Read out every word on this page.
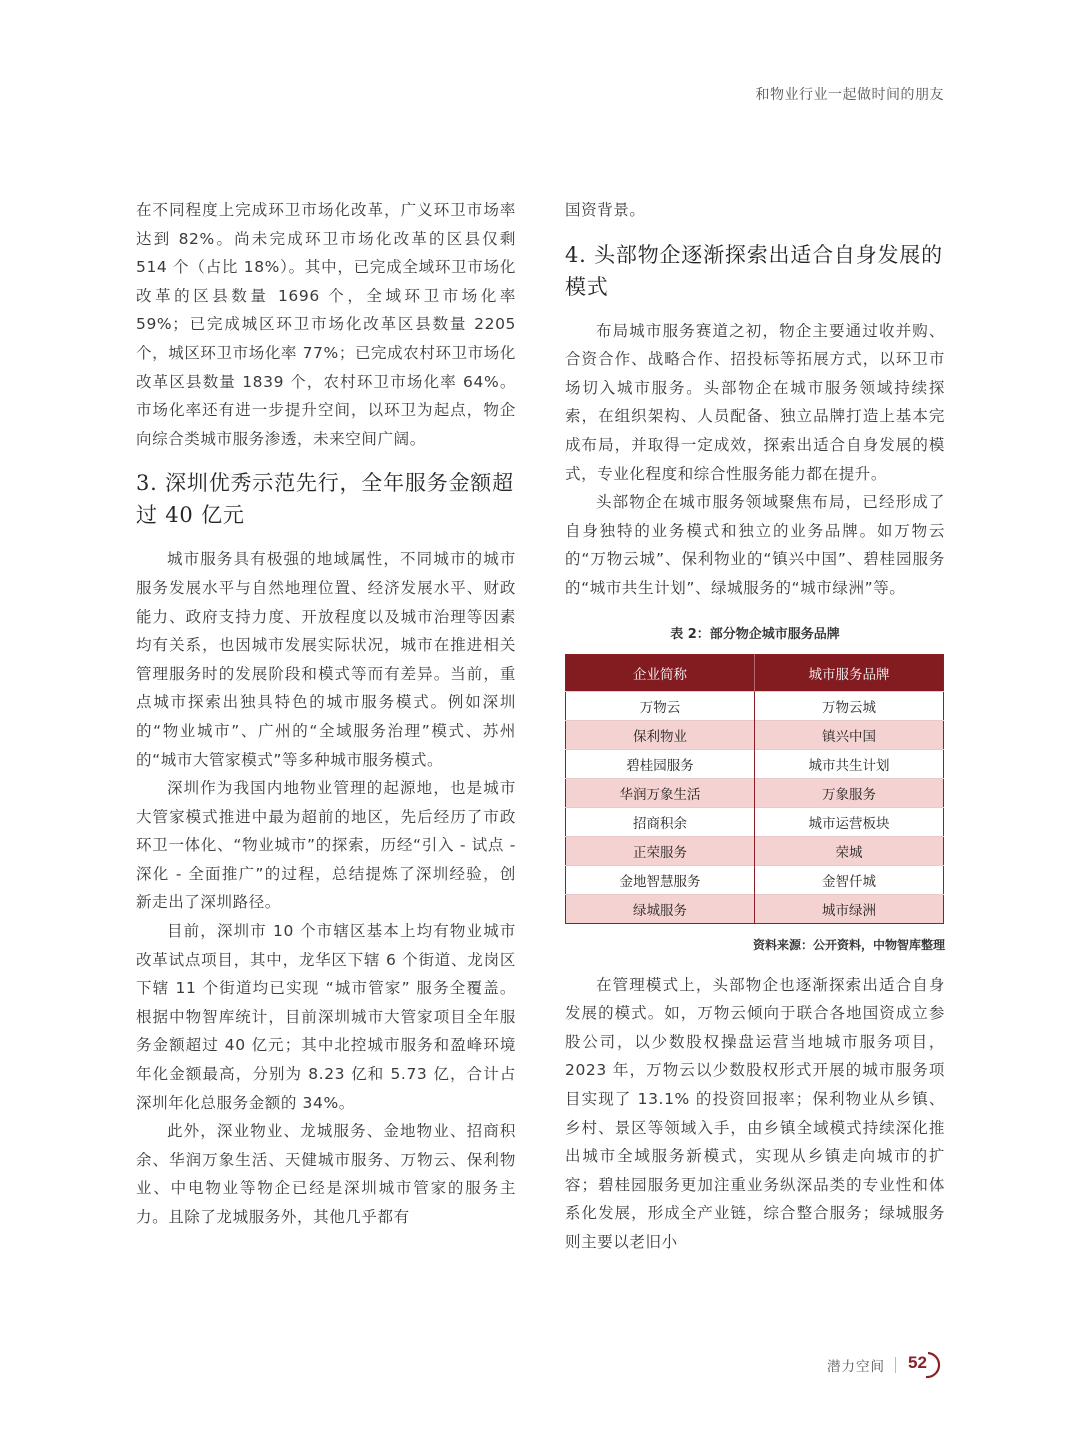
和物业行业一起做时间的朋友

在不同程度上完成环卫市场化改革，广义环卫市场率达到 82%。尚未完成环卫市场化改革的区县仅剩 514 个（占比 18%）。其中，已完成全域环卫市场化改革的区县数量 1696 个，全域环卫市场化率 59%；已完成城区环卫市场化改革区县数量 2205 个，城区环卫市场化率 77%；已完成农村环卫市场化改革区县数量 1839 个，农村环卫市场化率 64%。市场化率还有进一步提升空间，以环卫为起点，物企向综合类城市服务渗透，未来空间广阔。

3. 深圳优秀示范先行，全年服务金额超过 40 亿元

城市服务具有极强的地域属性，不同城市的城市服务发展水平与自然地理位置、经济发展水平、财政能力、政府支持力度、开放程度以及城市治理等因素均有关系，也因城市发展实际状况，城市在推进相关管理服务时的发展阶段和模式等而有差异。当前，重点城市探索出独具特色的城市服务模式。例如深圳的“物业城市”、广州的“全域服务治理”模式、苏州的“城市大管家模式”等多种城市服务模式。

深圳作为我国内地物业管理的起源地，也是城市大管家模式推进中最为超前的地区，先后经历了市政环卫一体化、“物业城市”的探索，历经“引入 - 试点 - 深化 - 全面推广”的过程，总结提炼了深圳经验，创新走出了深圳路径。

目前，深圳市 10 个市辖区基本上均有物业城市改革试点项目，其中，龙华区下辖 6 个街道、龙岗区下辖 11 个街道均已实现 “城市管家” 服务全覆盖。 根据中物智库统计，目前深圳城市大管家项目全年服务金额超过 40 亿元；其中北控城市服务和盈峰环境年化金额最高，分别为 8.23 亿和 5.73 亿，合计占深圳年化总服务金额的 34%。

此外，深业物业、龙城服务、金地物业、招商积余、华润万象生活、天健城市服务、万物云、保利物业、中电物业等物企已经是深圳城市管家的服务主力。且除了龙城服务外，其他几乎都有

国资背景。

4. 头部物企逐渐探索出适合自身发展的模式

布局城市服务赛道之初，物企主要通过收并购、合资合作、战略合作、招投标等拓展方式，以环卫市场切入城市服务。头部物企在城市服务领域持续探索，在组织架构、人员配备、独立品牌打造上基本完成布局，并取得一定成效，探索出适合自身发展的模式，专业化程度和综合性服务能力都在提升。

头部物企在城市服务领域聚焦布局，已经形成了自身独特的业务模式和独立的业务品牌。如万物云的“万物云城”、保利物业的“镇兴中国”、碧桂园服务的“城市共生计划”、绿城服务的“城市绿洲”等。

表 2：部分物企城市服务品牌
企业简称	城市服务品牌
万物云	万物云城
保利物业	镇兴中国
碧桂园服务	城市共生计划
华润万象生活	万象服务
招商积余	城市运营板块
正荣服务	荣城
金地智慧服务	金智仟城
绿城服务	城市绿洲
资料来源：公开资料，中物智库整理

在管理模式上，头部物企也逐渐探索出适合自身发展的模式。如，万物云倾向于联合各地国资成立参股公司，以少数股权操盘运营当地城市服务项目，2023 年，万物云以少数股权形式开展的城市服务项目实现了 13.1% 的投资回报率；保利物业从乡镇、乡村、景区等领域入手，由乡镇全域模式持续深化推出城市全域服务新模式，实现从乡镇走向城市的扩容；碧桂园服务更加注重业务纵深品类的专业性和体系化发展，形成全产业链，综合整合服务；绿城服务则主要以老旧小

潜力空间 52
